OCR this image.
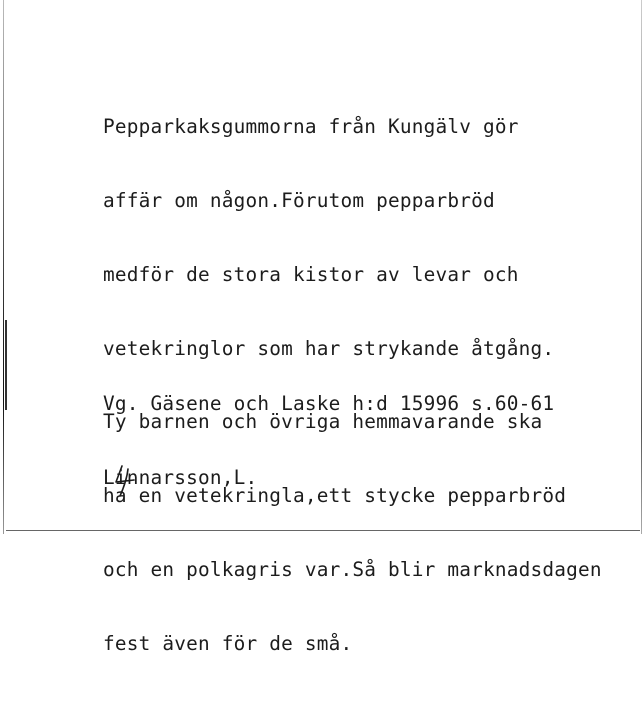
Pepparkaksgummorna från Kungälv gör

affär om någon.Förutom pepparbröd

medför de stora kistor av levar och

vetekringlor som har strykande åtgång.

Ty barnen och övriga hemmavarande ska

ha en vetekringla,ett stycke pepparbröd

och en polkagris var.Så blir marknadsdagen

fest även för de små.

Vg. Gäsene och Laske h:d 15996 s.60-61

Linnarsson,L.
